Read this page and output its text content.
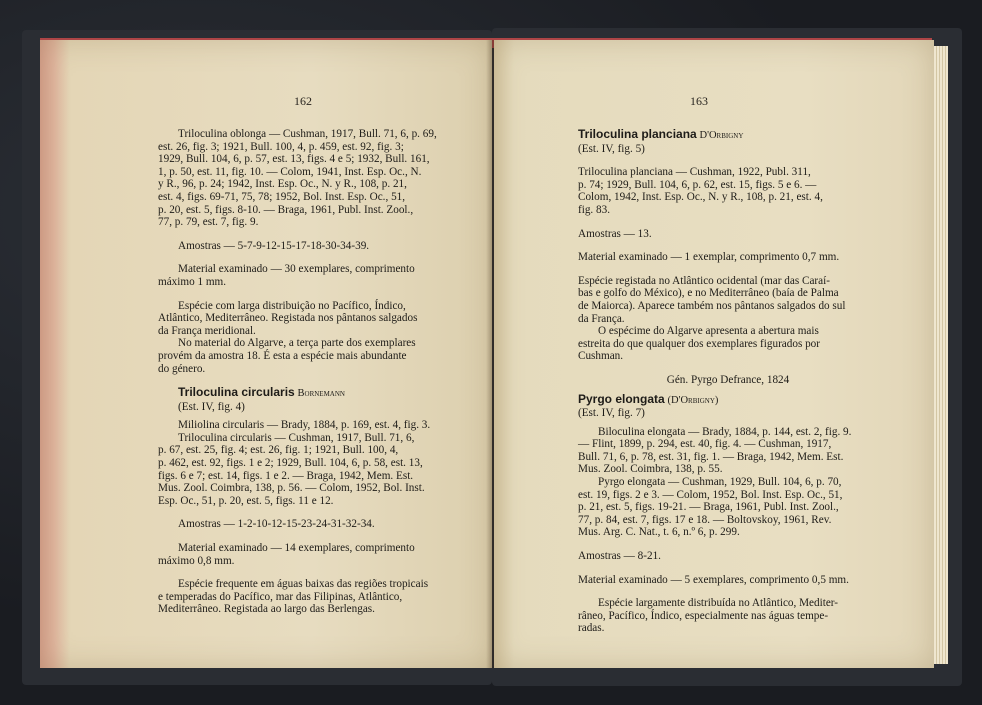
162

Triloculina oblonga — Cushman, 1917, Bull. 71, 6, p. 69,

est. 26, fig. 3; 1921, Bull. 100, 4, p. 459, est. 92, fig. 3;

1929, Bull. 104, 6, p. 57, est. 13, figs. 4 e 5; 1932, Bull. 161,

1, p. 50, est. 11, fig. 10. — Colom, 1941, Inst. Esp. Oc., N.

y R., 96, p. 24; 1942, Inst. Esp. Oc., N. y R., 108, p. 21,

est. 4, figs. 69-71, 75, 78; 1952, Bol. Inst. Esp. Oc., 51,

p. 20, est. 5, figs. 8-10. — Braga, 1961, Publ. Inst. Zool.,

77, p. 79, est. 7, fig. 9.

Amostras — 5-7-9-12-15-17-18-30-34-39.

Material examinado — 30 exemplares, comprimento

máximo 1 mm.

Espécie com larga distribuição no Pacífico, Índico,

Atlântico, Mediterrâneo. Registada nos pântanos salgados

da França meridional.

No material do Algarve, a terça parte dos exemplares

provém da amostra 18. É esta a espécie mais abundante

do género.

Triloculina circularis Bornemann

(Est. IV, fig. 4)

Miliolina circularis — Brady, 1884, p. 169, est. 4, fig. 3.

Triloculina circularis — Cushman, 1917, Bull. 71, 6,

p. 67, est. 25, fig. 4; est. 26, fig. 1; 1921, Bull. 100, 4,

p. 462, est. 92, figs. 1 e 2; 1929, Bull. 104, 6, p. 58, est. 13,

figs. 6 e 7; est. 14, figs. 1 e 2. — Braga, 1942, Mem. Est.

Mus. Zool. Coimbra, 138, p. 56. — Colom, 1952, Bol. Inst.

Esp. Oc., 51, p. 20, est. 5, figs. 11 e 12.

Amostras — 1-2-10-12-15-23-24-31-32-34.

Material examinado — 14 exemplares, comprimento

máximo 0,8 mm.

Espécie frequente em águas baixas das regiões tropicais

e temperadas do Pacífico, mar das Filipinas, Atlântico,

Mediterrâneo. Registada ao largo das Berlengas.

163

Triloculina planciana D'Orbigny

(Est. IV, fig. 5)

Triloculina planciana — Cushman, 1922, Publ. 311,

p. 74; 1929, Bull. 104, 6, p. 62, est. 15, figs. 5 e 6. —

Colom, 1942, Inst. Esp. Oc., N. y R., 108, p. 21, est. 4,

fig. 83.

Amostras — 13.

Material examinado — 1 exemplar, comprimento 0,7 mm.

Espécie registada no Atlântico ocidental (mar das Caraí-

bas e golfo do México), e no Mediterrâneo (baía de Palma

de Maiorca). Aparece também nos pântanos salgados do sul

da França.

O espécime do Algarve apresenta a abertura mais

estreita do que qualquer dos exemplares figurados por

Cushman.

Gén. Pyrgo Defrance, 1824

Pyrgo elongata (D'Orbigny)

(Est. IV, fig. 7)

Biloculina elongata — Brady, 1884, p. 144, est. 2, fig. 9.

— Flint, 1899, p. 294, est. 40, fig. 4. — Cushman, 1917,

Bull. 71, 6, p. 78, est. 31, fig. 1. — Braga, 1942, Mem. Est.

Mus. Zool. Coimbra, 138, p. 55.

Pyrgo elongata — Cushman, 1929, Bull. 104, 6, p. 70,

est. 19, figs. 2 e 3. — Colom, 1952, Bol. Inst. Esp. Oc., 51,

p. 21, est. 5, figs. 19-21. — Braga, 1961, Publ. Inst. Zool.,

77, p. 84, est. 7, figs. 17 e 18. — Boltovskoy, 1961, Rev.

Mus. Arg. C. Nat., t. 6, n.º 6, p. 299.

Amostras — 8-21.

Material examinado — 5 exemplares, comprimento 0,5 mm.

Espécie largamente distribuída no Atlântico, Mediter-

râneo, Pacífico, Índico, especialmente nas águas tempe-

radas.
